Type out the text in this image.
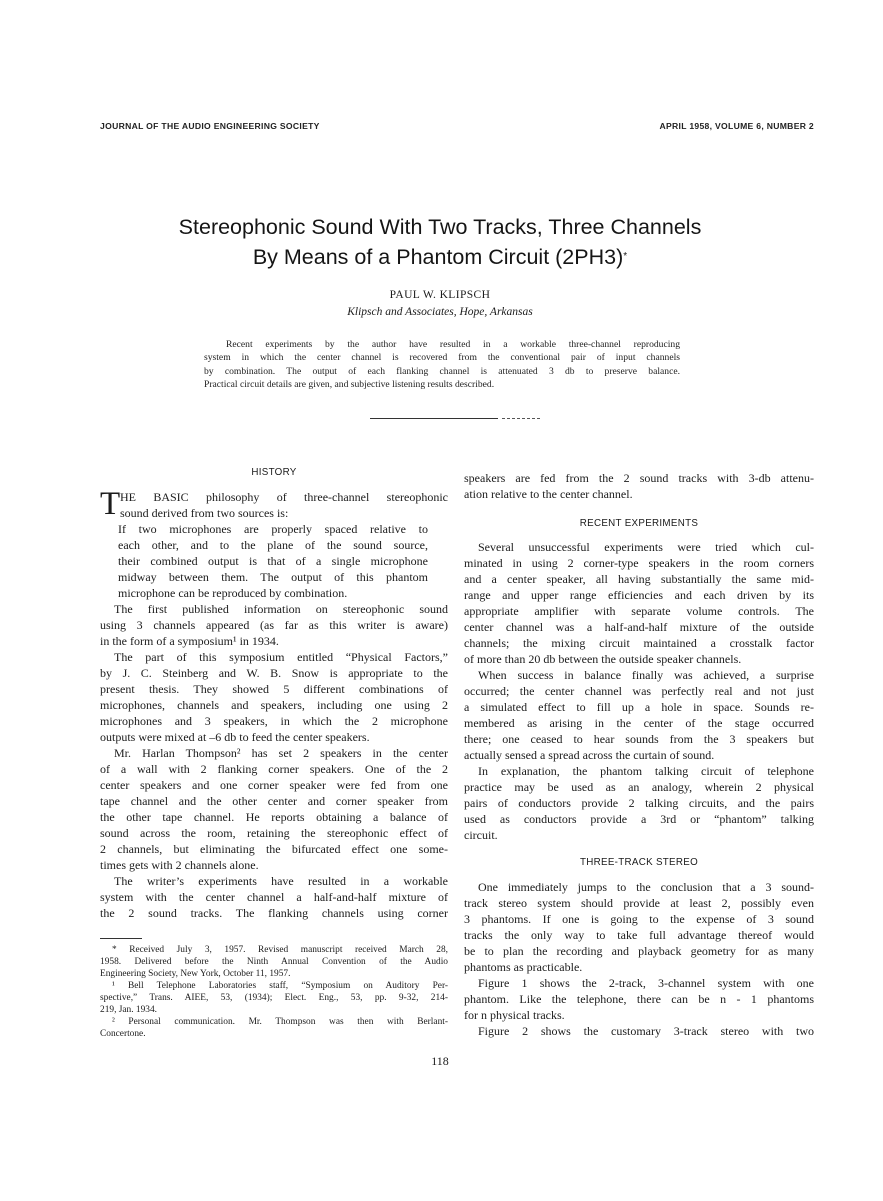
JOURNAL OF THE AUDIO ENGINEERING SOCIETY	APRIL 1958, VOLUME 6, NUMBER 2
Stereophonic Sound With Two Tracks, Three Channels
By Means of a Phantom Circuit (2PH3)*
PAUL W. KLIPSCH
Klipsch and Associates, Hope, Arkansas
Recent experiments by the author have resulted in a workable three-channel reproducing
system in which the center channel is recovered from the conventional pair of input channels
by combination. The output of each flanking channel is attenuated 3 db to preserve balance.
Practical circuit details are given, and subjective listening results described.
HISTORY
T HE BASIC philosophy of three-channel stereophonic
sound derived from two sources is:
If two microphones are properly spaced relative to
each other, and to the plane of the sound source,
their combined output is that of a single microphone
midway between them. The output of this phantom
microphone can be reproduced by combination.
The first published information on stereophonic sound
using 3 channels appeared (as far as this writer is aware)
in the form of a symposium¹ in 1934.
The part of this symposium entitled “Physical Factors,”
by J. C. Steinberg and W. B. Snow is appropriate to the
present thesis. They showed 5 different combinations of
microphones, channels and speakers, including one using 2
microphones and 3 speakers, in which the 2 microphone
outputs were mixed at –6 db to feed the center speakers.
Mr. Harlan Thompson² has set 2 speakers in the center
of a wall with 2 flanking corner speakers. One of the 2
center speakers and one corner speaker were fed from one
tape channel and the other center and corner speaker from
the other tape channel. He reports obtaining a balance of
sound across the room, retaining the stereophonic effect of
2 channels, but eliminating the bifurcated effect one some-
times gets with 2 channels alone.
The writer’s experiments have resulted in a workable
system with the center channel a half-and-half mixture of
the 2 sound tracks. The flanking channels using corner
* Received July 3, 1957. Revised manuscript received March 28,
1958. Delivered before the Ninth Annual Convention of the Audio
Engineering Society, New York, October 11, 1957.
¹ Bell Telephone Laboratories staff, “Symposium on Auditory Per-
spective,” Trans. AIEE, 53, (1934); Elect. Eng., 53, pp. 9-32, 214-
219, Jan. 1934.
² Personal communication. Mr. Thompson was then with Berlant-
Concertone.
speakers are fed from the 2 sound tracks with 3-db attenu-
ation relative to the center channel.
RECENT EXPERIMENTS
Several unsuccessful experiments were tried which cul-
minated in using 2 corner-type speakers in the room corners
and a center speaker, all having substantially the same mid-
range and upper range efficiencies and each driven by its
appropriate amplifier with separate volume controls. The
center channel was a half-and-half mixture of the outside
channels; the mixing circuit maintained a crosstalk factor
of more than 20 db between the outside speaker channels.
When success in balance finally was achieved, a surprise
occurred; the center channel was perfectly real and not just
a simulated effect to fill up a hole in space. Sounds re-
membered as arising in the center of the stage occurred
there; one ceased to hear sounds from the 3 speakers but
actually sensed a spread across the curtain of sound.
In explanation, the phantom talking circuit of telephone
practice may be used as an analogy, wherein 2 physical
pairs of conductors provide 2 talking circuits, and the pairs
used as conductors provide a 3rd or “phantom” talking
circuit.
THREE-TRACK STEREO
One immediately jumps to the conclusion that a 3 sound-
track stereo system should provide at least 2, possibly even
3 phantoms. If one is going to the expense of 3 sound
tracks the only way to take full advantage thereof would
be to plan the recording and playback geometry for as many
phantoms as practicable.
Figure 1 shows the 2-track, 3-channel system with one
phantom. Like the telephone, there can be n - 1 phantoms
for n physical tracks.
Figure 2 shows the customary 3-track stereo with two
118
